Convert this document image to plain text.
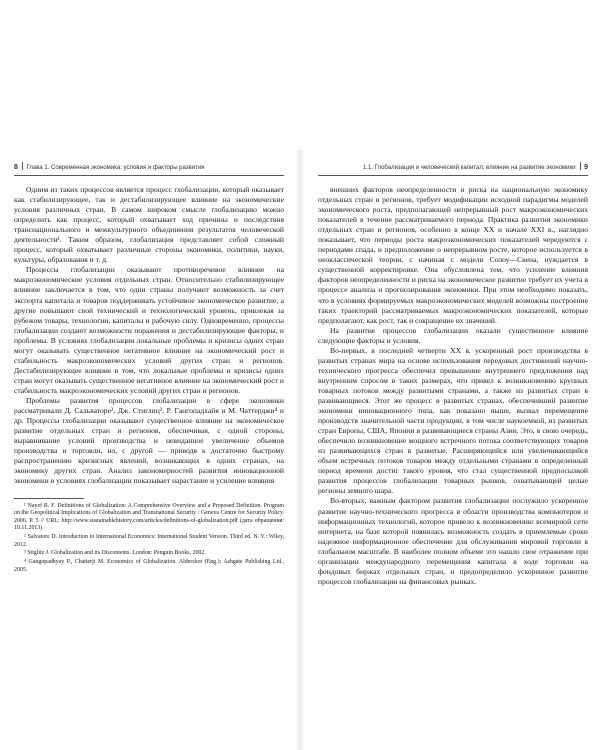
8 Глава 1. Современная экономика: условия и факторы развития

Одним из таких процессов является процесс глобализации, который оказывает как стабилизирующее, так и дестабилизирующее влияние на экономические условия различных стран. В самом широком смысле глобализацию можно определить как процесс, который охватывает ход причины и последствия транснационального и межкультурного объединения результатов человеческой деятельности¹. Таким образом, глобализация представляет собой сложный процесс, который охватывает различные стороны экономики, политики, науки, культуры, образования и т. д.

Процессы глобализации оказывают противоречивое влияние на макроэкономические условия отдельных стран. Относительно стабилизирующее влияние заключается в том, что одни страны получают возможность за счет экспорта капитала и товаров поддерживать устойчивое экономическое развитие, а другие повышают свой технический и технологический уровень, привлекая за рубежом товары, технологии, капиталы и рабочую силу. Одновременно, процессы глобализации создают возможности поражения и дестабилизирующие факторы, и проблемы. В условиях глобализации локальные проблемы и кризисы одних стран могут оказывать существенное негативное влияние на экономический рост и стабильность макроэкономических условий других стран и регионов. Дестабилизирующее влияние в том, что локальные проблемы и кризисы одних стран могут оказывать существенное негативное влияние на экономический рост и стабильность макроэкономических условий других стран и регионов.

Проблемы развития процессов глобализации в сфере экономики рассматривали Д. Сальваторе², Дж. Стиглиц³, Р. Гангопадхайя и М. Чаттерджи⁴ и др. Процессы глобализации оказывают существенное влияние на экономическое развитие отдельных стран и регионов, обеспечивая, с одной стороны, выравнивание условий производства и невиданное увеличение объемов производства и торговли, но, с другой — приводя к достаточно быстрому распространению кризисных явлений, возникающих в одних странах, на экономику других стран. Анализ закономерностей развития инновационной экономики в условиях глобализации показывает нарастание и усиление влияния

¹ Nayef R. F. Definitions of Globalization: A Comprehensive Overview and a Proposed Definition. Program on the Geopolitical Implications of Globalization and Transnational Security / Geneva Centre for Security Policy. 2006. P. 5 // URL: http://www.sustainablehistory.com/articles/definitions-of-globalization.pdf (дата обращения: 10.11.2013).

² Salvatore D. Introduction to International Economics: International Student Version. Third ed. N. Y.: Wiley, 2012.

³ Stiglitz J. Globalization and its Discontents. London: Penguin Books, 2002.

⁴ Gangopadhyay P., Chatterji M. Economics of Globalization. Aldershot (Eng.): Ashgate Publishing Ltd., 2005.

1.1. Глобализация и человеческий капитал: влияние на развитие экономики 9

внешних факторов неопределенности и риска на национальную экономику отдельных стран и регионов, требует модификации исходной парадигмы моделей экономического роста, предполагающей непрерывный рост макроэкономических показателей в течение рассматриваемого периода. Практика развития экономики отдельных стран и регионов, особенно в конце XX и начале XXI в., наглядно показывает, что периоды роста макроэкономических показателей чередуются с периодами спада, и предположение о непрерывном росте, которое используется в неоклассической теории, с начиная с модели Солоу—Свена, нуждается в существенной корректировке. Она обусловлена тем, что усиление влияния факторов неопределенности и риска на экономическое развитие требует их учета в процессе анализа и прогнозирования экономики. При этом необходимо показать, что в условиях формируемых макроэкономических моделей возможны построение таких траекторий рассматриваемых макроэкономических показателей, которые предполагают, как рост, так и сокращение их значений.

На развитие процессов глобализации оказали существенное влияние следующие факторы и условия.

Во-первых, в последней четверти XX в. ускоренный рост производства в развитых странах мира на основе использования передовых достижений научно-технического прогресса обеспечил превышение внутреннего предложения над внутренним спросом в таких размерах, что привел к возникновению крупных товарных потоков между развитыми странами, а также из развитых стран в развивающиеся. Этот же процесс в развитых странах, обеспечивший развитие экономики инновационного типа, как показано выше, вызвал перемещение производств значительной части продукции, в том числе наукоемкой, из развитых стран Европы, США, Японии в развивающиеся страны Азии. Это, в свою очередь, обеспечило возникновение мощного встречного потока соответствующих товаров из развивающихся стран в развитые. Расширяющийся или увеличивающийся объем встречных потоков товаров между отдельными странами в определенный период времени достиг такого уровня, что стал существенной предпосылкой развития процессов глобализации товарных рынков, охватывающей целые регионы земного шара.

Во-вторых, важным фактором развития глобализации послужило ускоренное развитие научно-технического прогресса в области производства компьютеров и информационных технологий, которое привело к возникновению всемирной сети интернета, на базе которой появилась возможность создать в приемлемые сроки надежное информационное обеспечение для обслуживания мировой торговли в глобальном масштабе. В наиболее полном объеме это нашло свое отражение при организации международного перемещения капитала в ходе торговли на фондовых биржах отдельных стран, и предопределило ускоренное развитие процессов глобализации на финансовых рынках.
